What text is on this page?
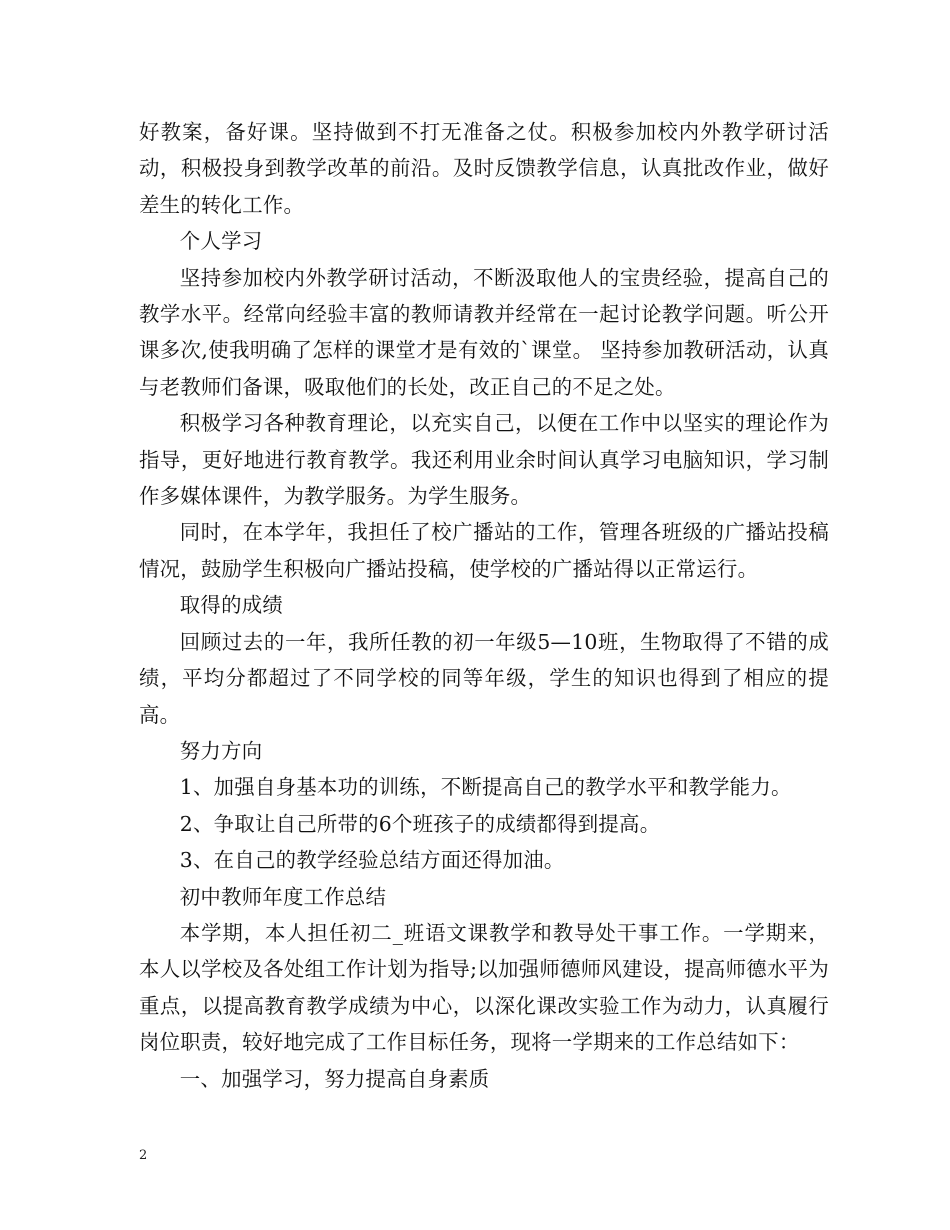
好教案，备好课。坚持做到不打无准备之仗。积极参加校内外教学研讨活动，积极投身到教学改革的前沿。及时反馈教学信息，认真批改作业，做好差生的转化工作。

个人学习

坚持参加校内外教学研讨活动，不断汲取他人的宝贵经验，提高自己的教学水平。经常向经验丰富的教师请教并经常在一起讨论教学问题。听公开课多次,使我明确了怎样的课堂才是有效的`课堂。 坚持参加教研活动，认真与老教师们备课，吸取他们的长处，改正自己的不足之处。

积极学习各种教育理论，以充实自己，以便在工作中以坚实的理论作为指导，更好地进行教育教学。我还利用业余时间认真学习电脑知识，学习制作多媒体课件，为教学服务。为学生服务。

同时，在本学年，我担任了校广播站的工作，管理各班级的广播站投稿情况，鼓励学生积极向广播站投稿，使学校的广播站得以正常运行。

取得的成绩

回顾过去的一年，我所任教的初一年级5—10班，生物取得了不错的成绩，平均分都超过了不同学校的同等年级，学生的知识也得到了相应的提高。

努力方向

1、加强自身基本功的训练，不断提高自己的教学水平和教学能力。

2、争取让自己所带的6个班孩子的成绩都得到提高。

3、在自己的教学经验总结方面还得加油。

初中教师年度工作总结

本学期，本人担任初二_班语文课教学和教导处干事工作。一学期来，本人以学校及各处组工作计划为指导;以加强师德师风建设，提高师德水平为重点，以提高教育教学成绩为中心，以深化课改实验工作为动力，认真履行岗位职责，较好地完成了工作目标任务，现将一学期来的工作总结如下：

一、加强学习，努力提高自身素质

2
